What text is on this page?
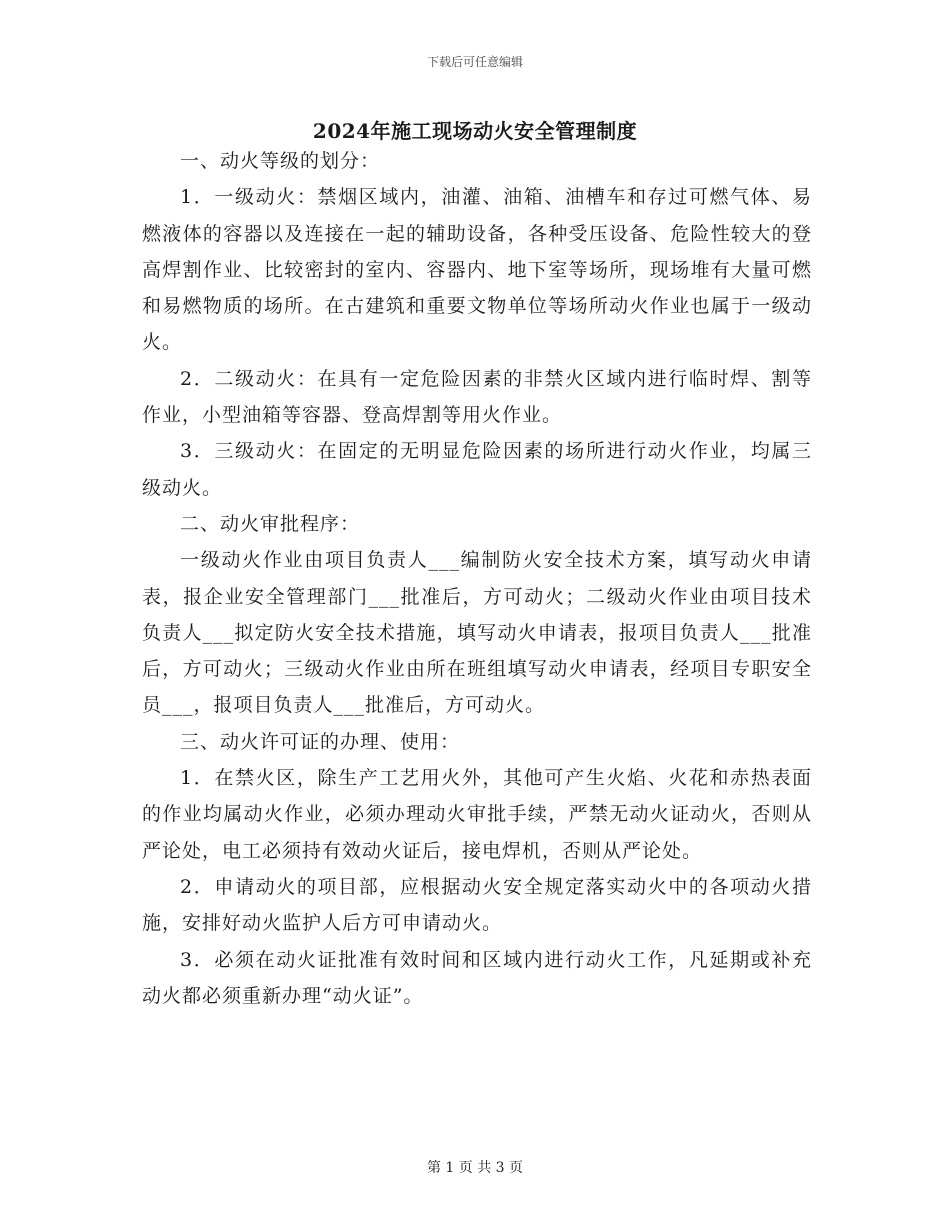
下载后可任意编辑
2024年施工现场动火安全管理制度

一、动火等级的划分：

1．一级动火：禁烟区域内，油灌、油箱、油槽车和存过可燃气体、易燃液体的容器以及连接在一起的辅助设备，各种受压设备、危险性较大的登高焊割作业、比较密封的室内、容器内、地下室等场所，现场堆有大量可燃和易燃物质的场所。在古建筑和重要文物单位等场所动火作业也属于一级动火。

2．二级动火：在具有一定危险因素的非禁火区域内进行临时焊、割等作业，小型油箱等容器、登高焊割等用火作业。

3．三级动火：在固定的无明显危险因素的场所进行动火作业，均属三级动火。

二、动火审批程序：

一级动火作业由项目负责人___编制防火安全技术方案，填写动火申请表，报企业安全管理部门___批准后，方可动火；二级动火作业由项目技术负责人___拟定防火安全技术措施，填写动火申请表，报项目负责人___批准后，方可动火；三级动火作业由所在班组填写动火申请表，经项目专职安全员___，报项目负责人___批准后，方可动火。

三、动火许可证的办理、使用：

1．在禁火区，除生产工艺用火外，其他可产生火焰、火花和赤热表面的作业均属动火作业，必须办理动火审批手续，严禁无动火证动火，否则从严论处，电工必须持有效动火证后，接电焊机，否则从严论处。

2．申请动火的项目部，应根据动火安全规定落实动火中的各项动火措施，安排好动火监护人后方可申请动火。

3．必须在动火证批准有效时间和区域内进行动火工作，凡延期或补充动火都必须重新办理“动火证”。

第 1 页 共 3 页
